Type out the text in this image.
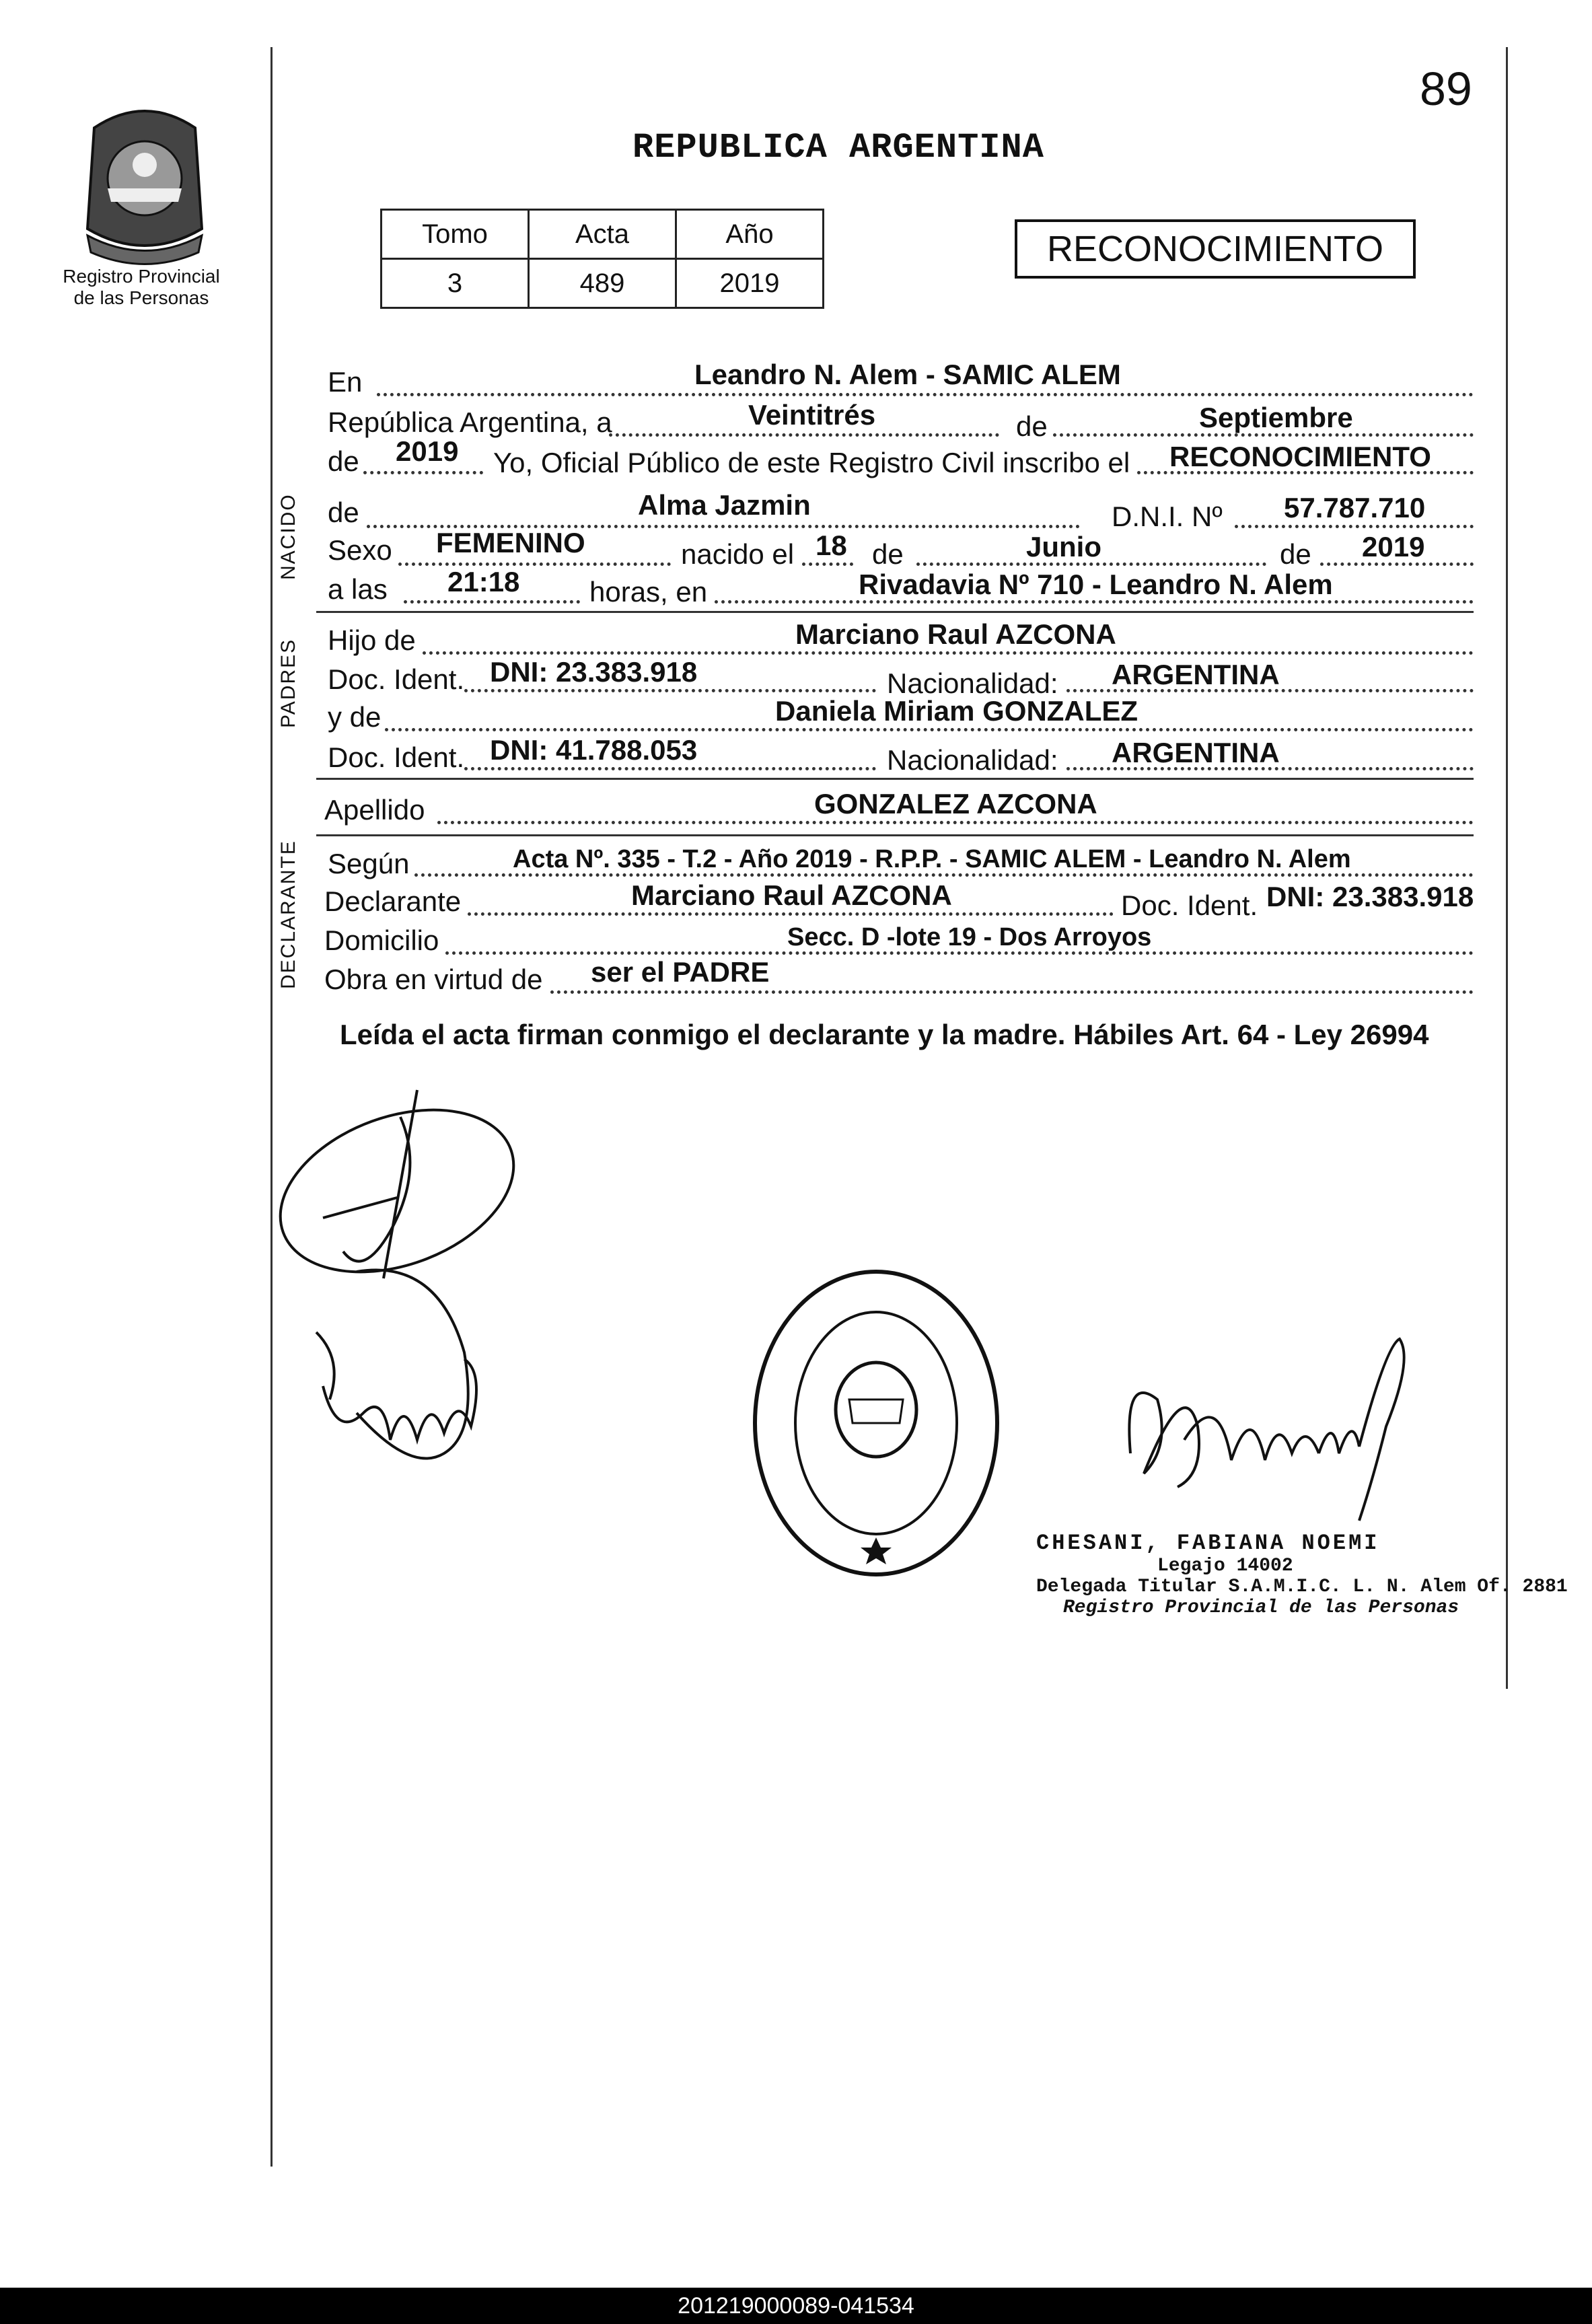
89
Registro Provincial
de las Personas
REPUBLICA ARGENTINA
Tomo	Acta	Año
3	489	2019
RECONOCIMIENTO
En	Leandro N. Alem - SAMIC ALEM
República Argentina, a	Veintitrés	de	Septiembre
de 2019 Yo, Oficial Público de este Registro Civil inscribo el RECONOCIMIENTO
NACIDO de	Alma Jazmin	D.N.I. Nº 57.787.710
Sexo FEMENINO	nacido el 18 de	Junio	de 2019
a las 21:18 horas, en	Rivadavia Nº 710 - Leandro N. Alem
PADRES Hijo de	Marciano Raul AZCONA
Doc. Ident. DNI: 23.383.918	Nacionalidad: ARGENTINA
y de	Daniela Miriam GONZALEZ
Doc. Ident. DNI: 41.788.053	Nacionalidad: ARGENTINA
Apellido	GONZALEZ AZCONA
DECLARANTE Según	Acta Nº. 335 - T.2 - Año 2019 - R.P.P. - SAMIC ALEM - Leandro N. Alem
Declarante	Marciano Raul AZCONA	Doc. Ident. DNI: 23.383.918
Domicilio	Secc. D -lote 19 - Dos Arroyos
Obra en virtud de ser el PADRE
Leída el acta firman conmigo el declarante y la madre. Hábiles Art. 64 - Ley 26994
CHESANI, FABIANA NOEMI
Legajo 14002
Delegada Titular S.A.M.I.C. L. N. Alem Of. 2881
Registro Provincial de las Personas
201219000089-041534
